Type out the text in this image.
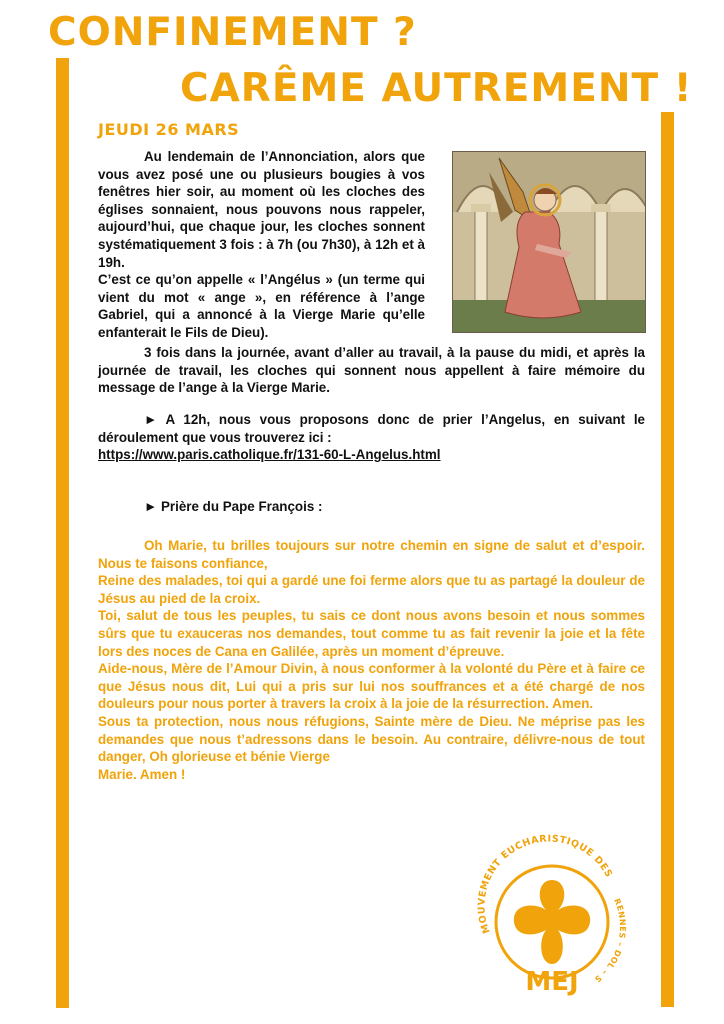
CONFINEMENT ?
CARÊME AUTREMENT !
JEUDI 26 MARS

Au lendemain de l’Annonciation, alors que vous avez posé une ou plusieurs bougies à vos fenêtres hier soir, au moment où les cloches des églises sonnaient, nous pouvons nous rappeler, aujourd’hui, que chaque jour, les cloches sonnent systématiquement 3 fois : à 7h (ou 7h30), à 12h et à 19h.
C’est ce qu’on appelle « l’Angélus » (un terme qui vient du mot « ange », en référence à l’ange Gabriel, qui a annoncé à la Vierge Marie qu’elle enfanterait le Fils de Dieu).

3 fois dans la journée, avant d’aller au travail, à la pause du midi, et après la journée de travail, les cloches qui sonnent nous appellent à faire mémoire du message de l’ange à la Vierge Marie.

► A 12h, nous vous proposons donc de prier l’Angelus, en suivant le déroulement que vous trouverez ici :
https://www.paris.catholique.fr/131-60-L-Angelus.html

► Prière du Pape François :

Oh Marie, tu brilles toujours sur notre chemin en signe de salut et d’espoir. Nous te faisons confiance,
Reine des malades, toi qui a gardé une foi ferme alors que tu as partagé la douleur de Jésus au pied de la croix.
Toi, salut de tous les peuples, tu sais ce dont nous avons besoin et nous sommes sûrs que tu exauceras nos demandes, tout comme tu as fait revenir la joie et la fête lors des noces de Cana en Galilée, après un moment d’épreuve.
Aide-nous, Mère de l’Amour Divin, à nous conformer à la volonté du Père et à faire ce que Jésus nous dit, Lui qui a pris sur lui nos souffrances et a été chargé de nos douleurs pour nous porter à travers la croix à la joie de la résurrection. Amen.
Sous ta protection, nous nous réfugions, Sainte mère de Dieu. Ne méprise pas les demandes que nous t’adressons dans le besoin. Au contraire, délivre-nous de tout danger, Oh glorieuse et bénie Vierge
Marie. Amen !

MOUVEMENT EUCHARISTIQUE DES
RENNES – DOL – S
MEJ
